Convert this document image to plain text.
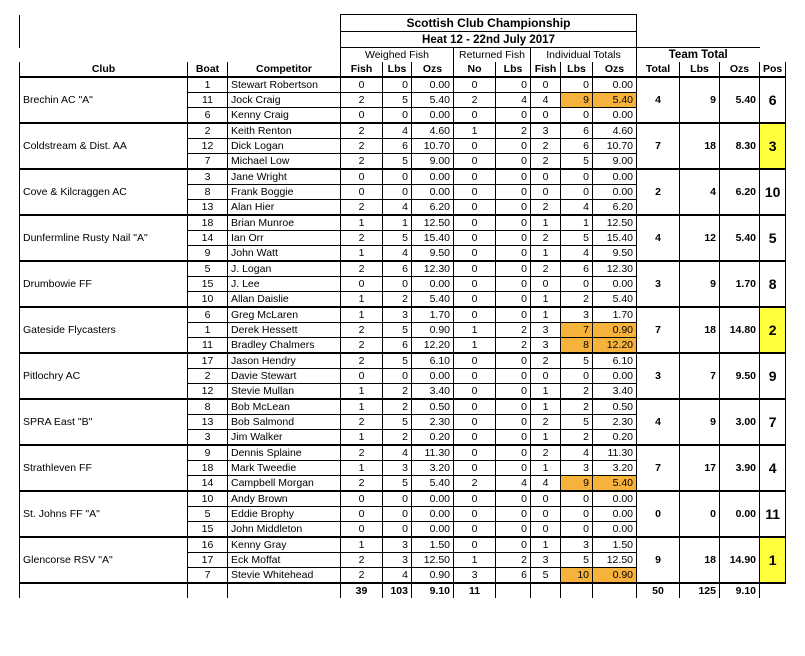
			Scottish Club Championship											
			Heat 12 - 22nd July 2017											
			Weighed Fish			Returned Fish		Individual Totals			Team Total			
Club	Boat	Competitor	Fish	Lbs	Ozs	No	Lbs	Fish	Lbs	Ozs	Total	Lbs	Ozs	Pos
Brechin AC "A"	1	Stewart Robertson	0	0	0.00	0	0	0	0	0.00	4	9	5.40	6
	11	Jock Craig	2	5	5.40	2	4	4	9	5.40				
	6	Kenny Craig	0	0	0.00	0	0	0	0	0.00				
Coldstream & Dist. AA	2	Keith Renton	2	4	4.60	1	2	3	6	4.60	7	18	8.30	3
	12	Dick Logan	2	6	10.70	0	0	2	6	10.70				
	7	Michael Low	2	5	9.00	0	0	2	5	9.00				
Cove & Kilcraggen AC	3	Jane Wright	0	0	0.00	0	0	0	0	0.00	2	4	6.20	10
	8	Frank Boggie	0	0	0.00	0	0	0	0	0.00				
	13	Alan Hier	2	4	6.20	0	0	2	4	6.20				
Dunfermline Rusty Nail "A"	18	Brian Munroe	1	1	12.50	0	0	1	1	12.50	4	12	5.40	5
	14	Ian Orr	2	5	15.40	0	0	2	5	15.40				
	9	John Watt	1	4	9.50	0	0	1	4	9.50				
Drumbowie FF	5	J. Logan	2	6	12.30	0	0	2	6	12.30	3	9	1.70	8
	15	J. Lee	0	0	0.00	0	0	0	0	0.00				
	10	Allan Daislie	1	2	5.40	0	0	1	2	5.40				
Gateside Flycasters	6	Greg McLaren	1	3	1.70	0	0	1	3	1.70	7	18	14.80	2
	1	Derek Hessett	2	5	0.90	1	2	3	7	0.90				
	11	Bradley Chalmers	2	6	12.20	1	2	3	8	12.20				
Pitlochry AC	17	Jason Hendry	2	5	6.10	0	0	2	5	6.10	3	7	9.50	9
	2	Davie Stewart	0	0	0.00	0	0	0	0	0.00				
	12	Stevie Mullan	1	2	3.40	0	0	1	2	3.40				
SPRA East "B"	8	Bob McLean	1	2	0.50	0	0	1	2	0.50	4	9	3.00	7
	13	Bob Salmond	2	5	2.30	0	0	2	5	2.30				
	3	Jim Walker	1	2	0.20	0	0	1	2	0.20				
Strathleven FF	9	Dennis Splaine	2	4	11.30	0	0	2	4	11.30	7	17	3.90	4
	18	Mark Tweedie	1	3	3.20	0	0	1	3	3.20				
	14	Campbell Morgan	2	5	5.40	2	4	4	9	5.40				
St. Johns FF "A"	10	Andy Brown	0	0	0.00	0	0	0	0	0.00	0	0	0.00	11
	5	Eddie Brophy	0	0	0.00	0	0	0	0	0.00				
	15	John Middleton	0	0	0.00	0	0	0	0	0.00				
Glencorse RSV "A"	16	Kenny Gray	1	3	1.50	0	0	1	3	1.50	9	18	14.90	1
	17	Eck Moffat	2	3	12.50	1	2	3	5	12.50				
	7	Stevie Whitehead	2	4	0.90	3	6	5	10	0.90				
			39	103	9.10	11					50	125	9.10	
